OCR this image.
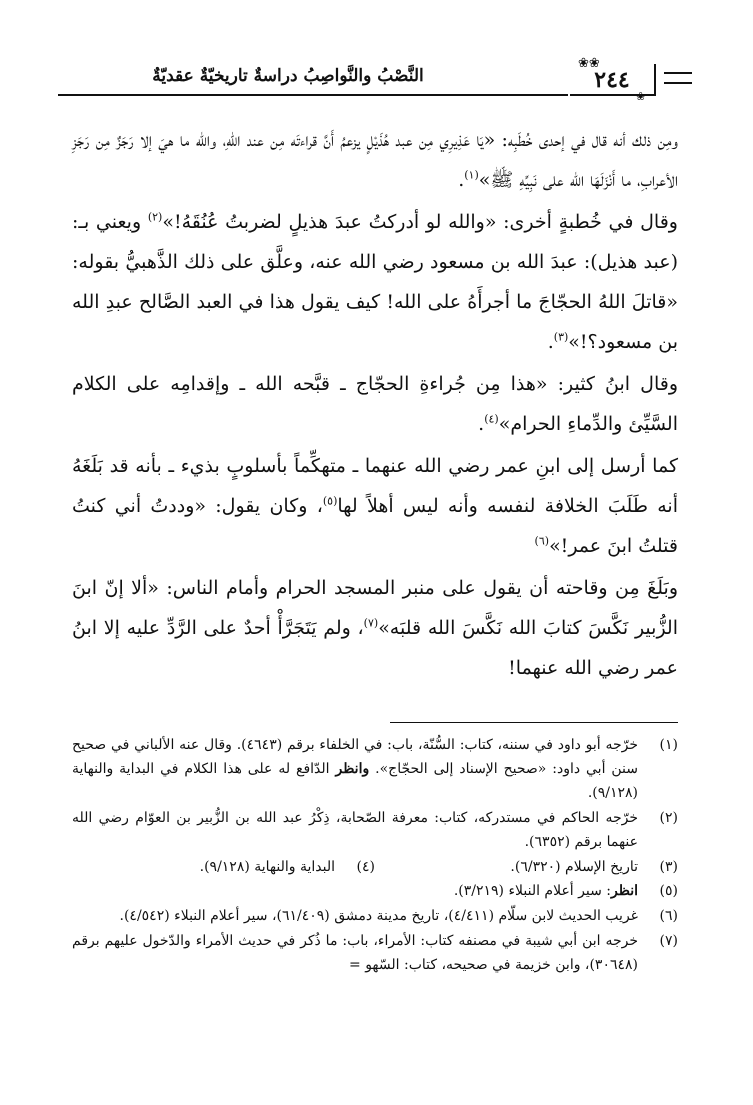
النَّصْبُ والنَّواصِبُ دراسةٌ تاريخيّةٌ عقديّةٌ
❀❀
٢٤٤
❀

ومِن ذلك أنه قال في إحدى خُطَبِه: «يَا عَذِيرِي مِن عبد هُذَيْلٍ يزعمُ أَنَّ قراءتَه مِن عند اللهِ، والله ما هيَ إلا رَجَزٌ مِن رَجَزِ الأعرابِ، ما أَنْزَلَهَا الله على نَبِيِّهِ ﷺ»$^{(١)}$.

وقال في خُطبةٍ أخرى: «والله لو أدركتُ عبدَ هذيلٍ لضربتُ عُنُقَهُ!»$^{(٢)}$ ويعني بـ: (عبد هذيل): عبدَ الله بن مسعود رضي الله عنه، وعلَّق على ذلك الذَّهبيُّ بقوله: «قاتلَ اللهُ الحجّاجَ ما أجرأَهُ على الله! كيف يقول هذا في العبد الصَّالح عبدِ الله بن مسعود؟!»$^{(٣)}$.

وقال ابنُ كثير: «هذا مِن جُراءةِ الحجّاج ـ قبَّحه الله ـ وإقدامِه على الكلام السَّيِّئ والدِّماءِ الحرام»$^{(٤)}$.

كما أرسل إلى ابنِ عمر رضي الله عنهما ـ متهكِّماً بأسلوبٍ بذيء ـ بأنه قد بَلَغَهُ أنه طَلَبَ الخلافة لنفسه وأنه ليس أهلاً لها$^{(٥)}$، وكان يقول: «وددتُ أني كنتُ قتلتُ ابنَ عمر!»$^{(٦)}$

وبَلَغَ مِن وقاحته أن يقول على منبر المسجد الحرام وأمام الناس: «ألا إنّ ابنَ الزُّبير نَكَّسَ كتابَ الله نَكَّسَ الله قلبَه»$^{(٧)}$، ولم يَتَجَرَّأْ أحدٌ على الرَّدِّ عليه إلا ابنُ عمر رضي الله عنهما!

(١)
خرّجه أبو داود في سننه، كتاب: السُّنّة، باب: في الخلفاء برقم (٤٦٤٣). وقال عنه الألباني في صحيح سنن أبي داود: «صحيح الإسناد إلى الحجّاج». وانظر الدّافع له على هذا الكلام في البداية والنهاية (٩/١٢٨).
(٢)
خرّجه الحاكم في مستدركه، كتاب: معرفة الصّحابة، ذِكْرُ عبد الله بن الزُّبير بن العوّام رضي الله عنهما برقم (٦٣٥٢).
(٣)
تاريخ الإسلام (٦/٣٢٠).
(٤)
البداية والنهاية (٩/١٢٨).
(٥)
انظر: سير أعلام النبلاء (٣/٢١٩).
(٦)
غريب الحديث لابن سلّام (٤/٤١١)، تاريخ مدينة دمشق (٦١/٤٠٩)، سير أعلام النبلاء (٤/٥٤٢).
(٧)
خرجه ابن أبي شيبة في مصنفه كتاب: الأمراء، باب: ما ذُكر في حديث الأمراء والدّخول عليهم برقم (٣٠٦٤٨)، وابن خزيمة في صحيحه، كتاب: السّهو =
